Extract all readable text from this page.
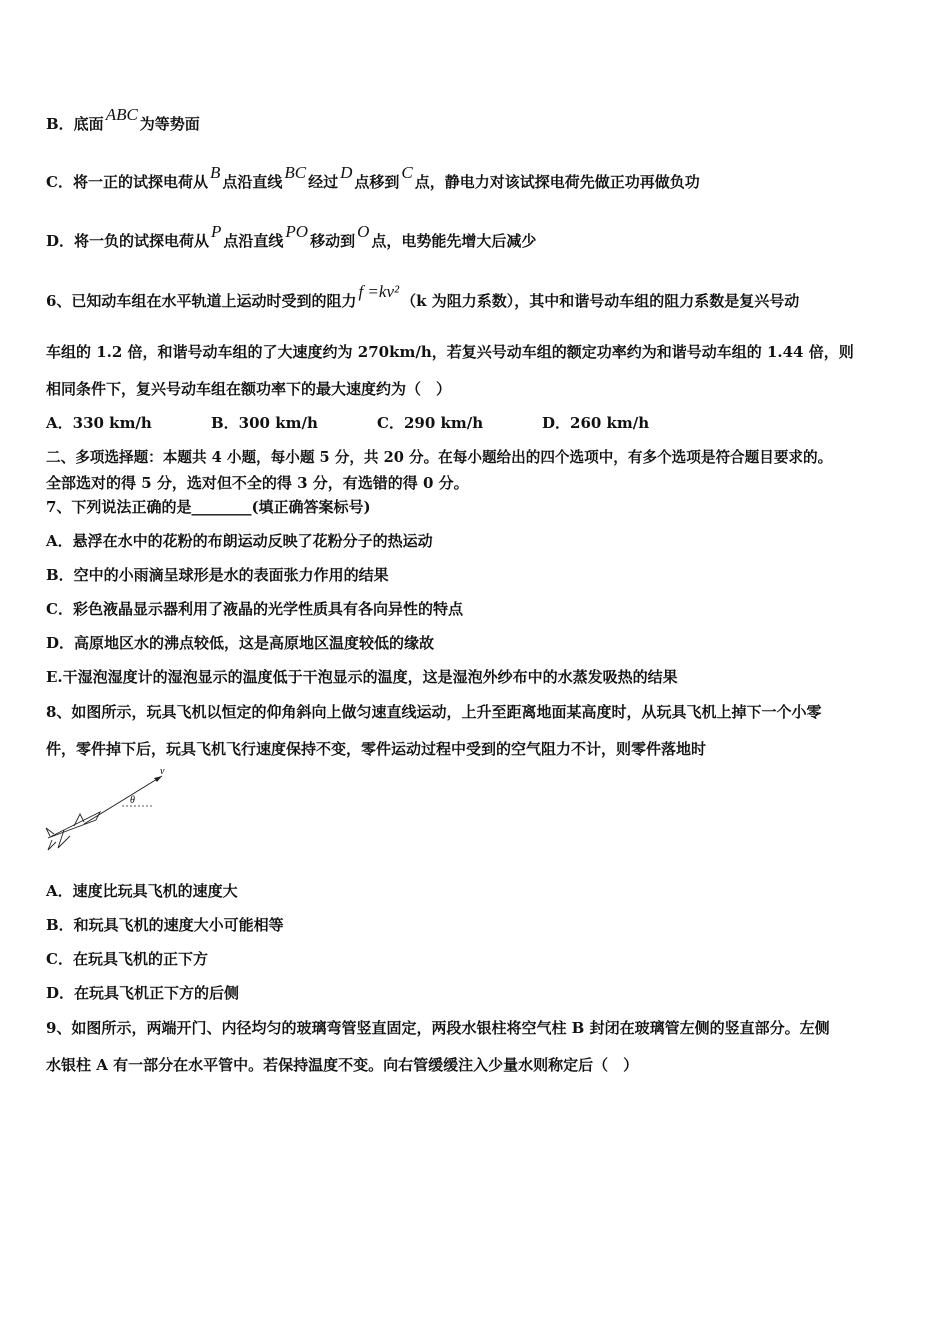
B．底面 ABC 为等势面
C．将一正的试探电荷从 B 点沿直线 BC 经过 D 点移到 C 点，静电力对该试探电荷先做正功再做负功
D．将一负的试探电荷从 P 点沿直线 PO 移动到 O 点，电势能先增大后减少
6、已知动车组在水平轨道上运动时受到的阻力 f =kv² （k 为阻力系数），其中和谐号动车组的阻力系数是复兴号动
车组的 1.2 倍，和谐号动车组的了大速度约为 270km/h，若复兴号动车组的额定功率约为和谐号动车组的 1.44 倍，则
相同条件下，复兴号动车组在额功率下的最大速度约为（　）
A．330 km/h	B．300 km/h	C．290 km/h	D．260 km/h
二、多项选择题：本题共 4 小题，每小题 5 分，共 20 分。在每小题给出的四个选项中，有多个选项是符合题目要求的。
全部选对的得 5 分，选对但不全的得 3 分，有选错的得 0 分。
7、下列说法正确的是________(填正确答案标号)
A．悬浮在水中的花粉的布朗运动反映了花粉分子的热运动
B．空中的小雨滴呈球形是水的表面张力作用的结果
C．彩色液晶显示器利用了液晶的光学性质具有各向异性的特点
D．高原地区水的沸点较低，这是高原地区温度较低的缘故
E.干湿泡湿度计的湿泡显示的温度低于干泡显示的温度，这是湿泡外纱布中的水蒸发吸热的结果
8、如图所示，玩具飞机以恒定的仰角斜向上做匀速直线运动，上升至距离地面某高度时，从玩具飞机上掉下一个小零
件，零件掉下后，玩具飞机飞行速度保持不变，零件运动过程中受到的空气阻力不计，则零件落地时
v
θ
A．速度比玩具飞机的速度大
B．和玩具飞机的速度大小可能相等
C．在玩具飞机的正下方
D．在玩具飞机正下方的后侧
9、如图所示，两端开门、内径均匀的玻璃弯管竖直固定，两段水银柱将空气柱 B 封闭在玻璃管左侧的竖直部分。左侧
水银柱 A 有一部分在水平管中。若保持温度不变。向右管缓缓注入少量水则称定后（　）
